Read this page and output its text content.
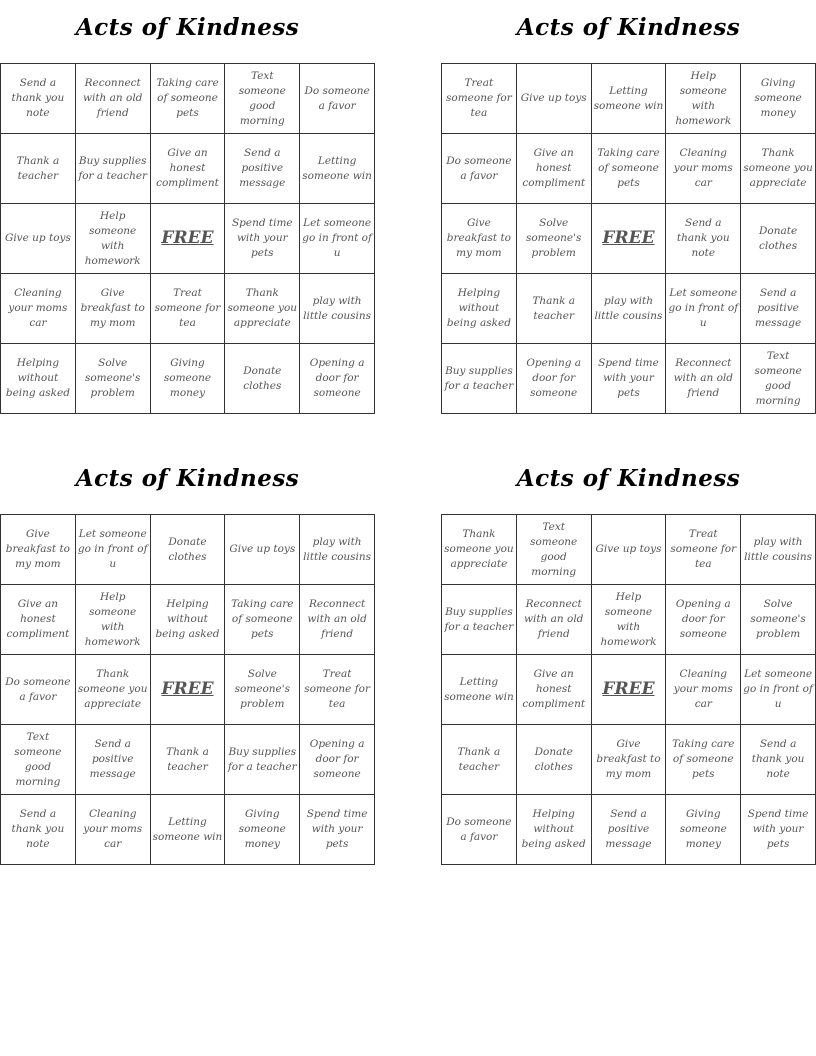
Acts of Kindness
Send a thank you note
Reconnect with an old friend
Taking care of someone pets
Text someone good morning
Do someone a favor
Thank a teacher
Buy supplies for a teacher
Give an honest compliment
Send a positive message
Letting someone win
Give up toys
Help someone with homework
FREE
Spend time with your pets
Let someone go in front of u
Cleaning your moms car
Give breakfast to my mom
Treat someone for tea
Thank someone you appreciate
play with little cousins
Helping without being asked
Solve someone's problem
Giving someone money
Donate clothes
Opening a door for someone
Acts of Kindness
Treat someone for tea
Give up toys
Letting someone win
Help someone with homework
Giving someone money
Do someone a favor
Give an honest compliment
Taking care of someone pets
Cleaning your moms car
Thank someone you appreciate
Give breakfast to my mom
Solve someone's problem
FREE
Send a thank you note
Donate clothes
Helping without being asked
Thank a teacher
play with little cousins
Let someone go in front of u
Send a positive message
Buy supplies for a teacher
Opening a door for someone
Spend time with your pets
Reconnect with an old friend
Text someone good morning
Acts of Kindness
Give breakfast to my mom
Let someone go in front of u
Donate clothes
Give up toys
play with little cousins
Give an honest compliment
Help someone with homework
Helping without being asked
Taking care of someone pets
Reconnect with an old friend
Do someone a favor
Thank someone you appreciate
FREE
Solve someone's problem
Treat someone for tea
Text someone good morning
Send a positive message
Thank a teacher
Buy supplies for a teacher
Opening a door for someone
Send a thank you note
Cleaning your moms car
Letting someone win
Giving someone money
Spend time with your pets
Acts of Kindness
Thank someone you appreciate
Text someone good morning
Give up toys
Treat someone for tea
play with little cousins
Buy supplies for a teacher
Reconnect with an old friend
Help someone with homework
Opening a door for someone
Solve someone's problem
Letting someone win
Give an honest compliment
FREE
Cleaning your moms car
Let someone go in front of u
Thank a teacher
Donate clothes
Give breakfast to my mom
Taking care of someone pets
Send a thank you note
Do someone a favor
Helping without being asked
Send a positive message
Giving someone money
Spend time with your pets
